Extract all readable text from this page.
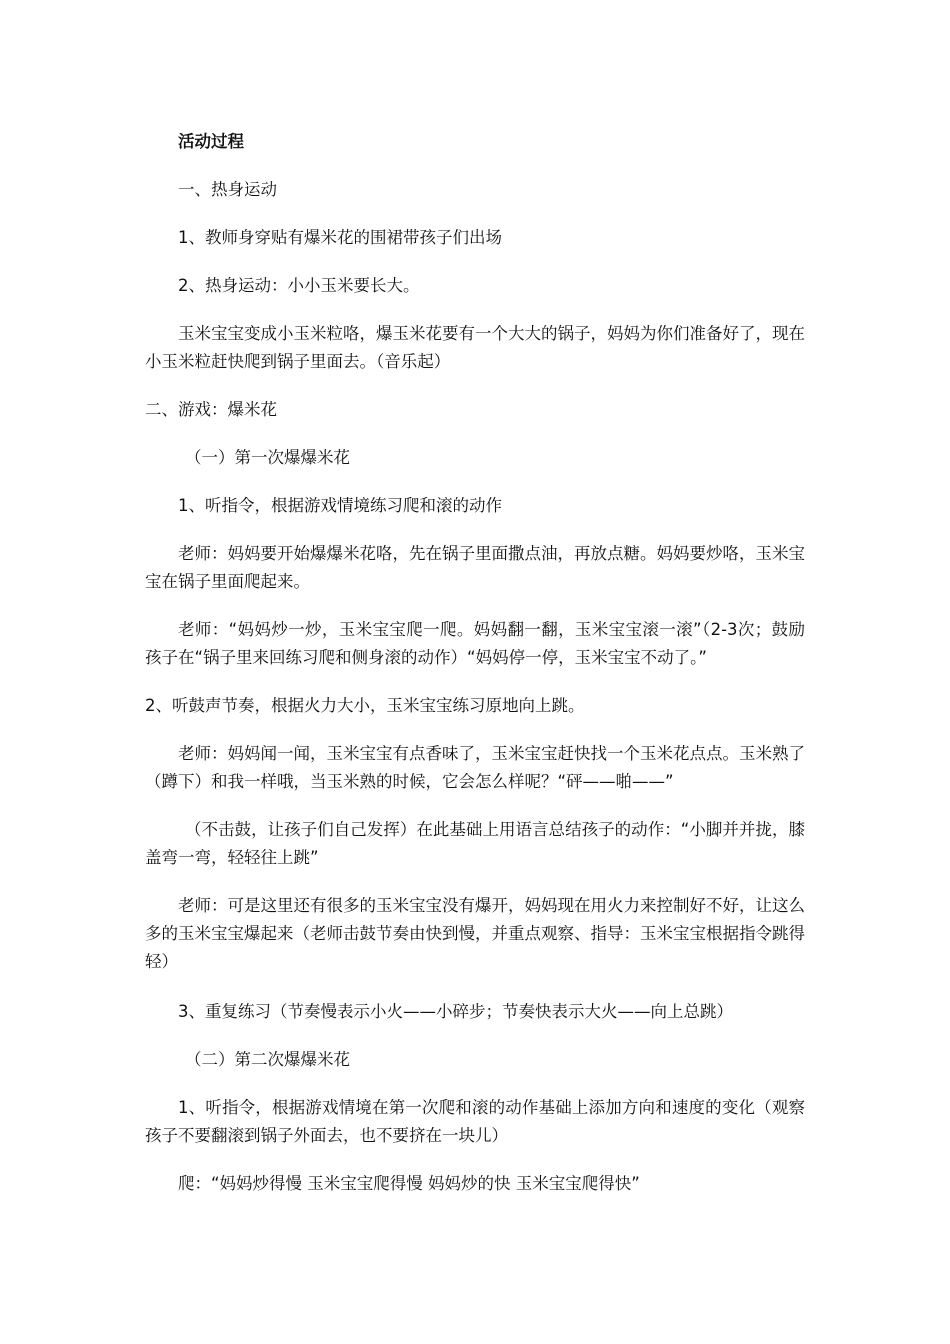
活动过程

一、热身运动

1、教师身穿贴有爆米花的围裙带孩子们出场

2、热身运动：小小玉米要长大。

玉米宝宝变成小玉米粒咯，爆玉米花要有一个大大的锅子，妈妈为你们准备好了，现在小玉米粒赶快爬到锅子里面去。（音乐起）

二、游戏：爆米花

（一）第一次爆爆米花

1、听指令，根据游戏情境练习爬和滚的动作

老师：妈妈要开始爆爆米花咯，先在锅子里面撒点油，再放点糖。妈妈要炒咯，玉米宝宝在锅子里面爬起来。

老师：“妈妈炒一炒，玉米宝宝爬一爬。妈妈翻一翻，玉米宝宝滚一滚”（2-3次；鼓励孩子在“锅子里来回练习爬和侧身滚的动作）“妈妈停一停，玉米宝宝不动了。”

2、听鼓声节奏，根据火力大小，玉米宝宝练习原地向上跳。

老师：妈妈闻一闻，玉米宝宝有点香味了，玉米宝宝赶快找一个玉米花点点。玉米熟了（蹲下）和我一样哦，当玉米熟的时候，它会怎么样呢？“砰——啪——”

（不击鼓，让孩子们自己发挥）在此基础上用语言总结孩子的动作：“小脚并并拢，膝盖弯一弯，轻轻往上跳”

老师：可是这里还有很多的玉米宝宝没有爆开，妈妈现在用火力来控制好不好，让这么多的玉米宝宝爆起来（老师击鼓节奏由快到慢，并重点观察、指导：玉米宝宝根据指令跳得轻）

3、重复练习（节奏慢表示小火——小碎步；节奏快表示大火——向上总跳）

（二）第二次爆爆米花

1、听指令，根据游戏情境在第一次爬和滚的动作基础上添加方向和速度的变化（观察孩子不要翻滚到锅子外面去，也不要挤在一块儿）

爬：“妈妈炒得慢 玉米宝宝爬得慢 妈妈炒的快 玉米宝宝爬得快”
